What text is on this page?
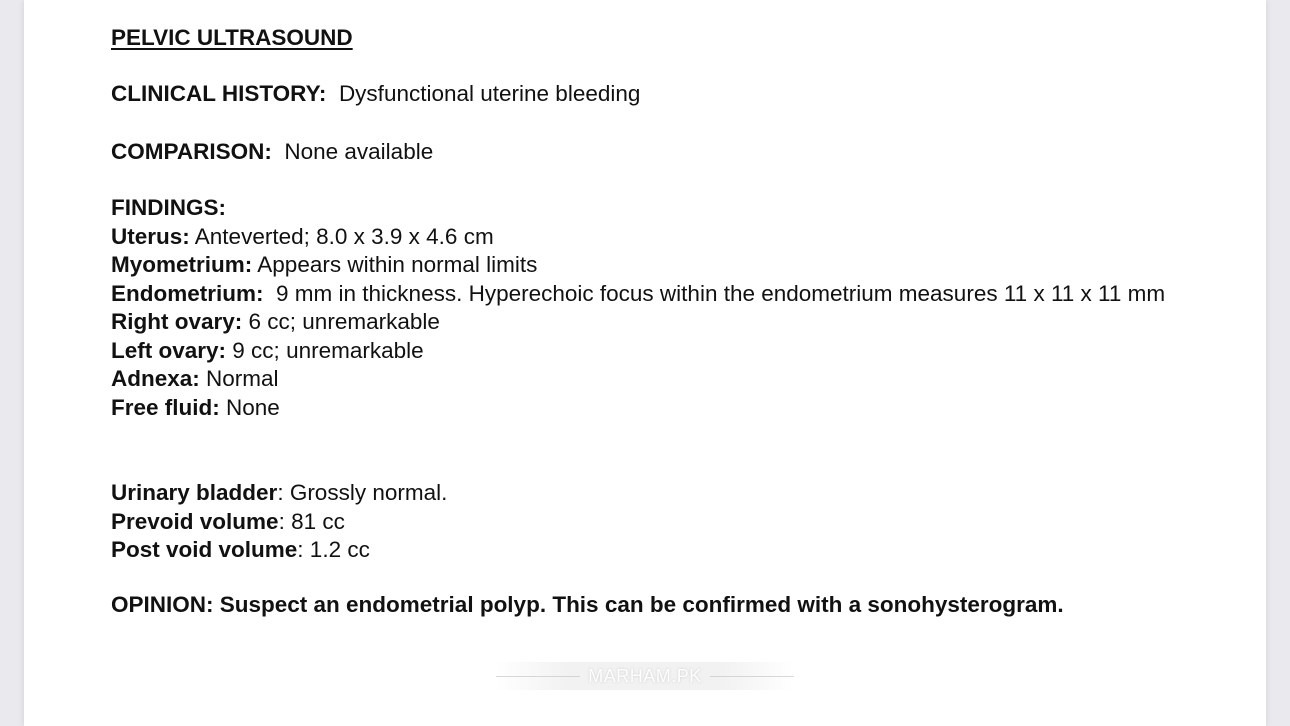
PELVIC ULTRASOUND
CLINICAL HISTORY: Dysfunctional uterine bleeding
COMPARISON: None available
FINDINGS:
Uterus: Anteverted; 8.0 x 3.9 x 4.6 cm
Myometrium: Appears within normal limits
Endometrium: 9 mm in thickness. Hyperechoic focus within the endometrium measures 11 x 11 x 11 mm
Right ovary: 6 cc; unremarkable
Left ovary: 9 cc; unremarkable
Adnexa: Normal
Free fluid: None
Urinary bladder: Grossly normal.
Prevoid volume: 81 cc
Post void volume: 1.2 cc
OPINION: Suspect an endometrial polyp. This can be confirmed with a sonohysterogram.
MARHAM.PK
